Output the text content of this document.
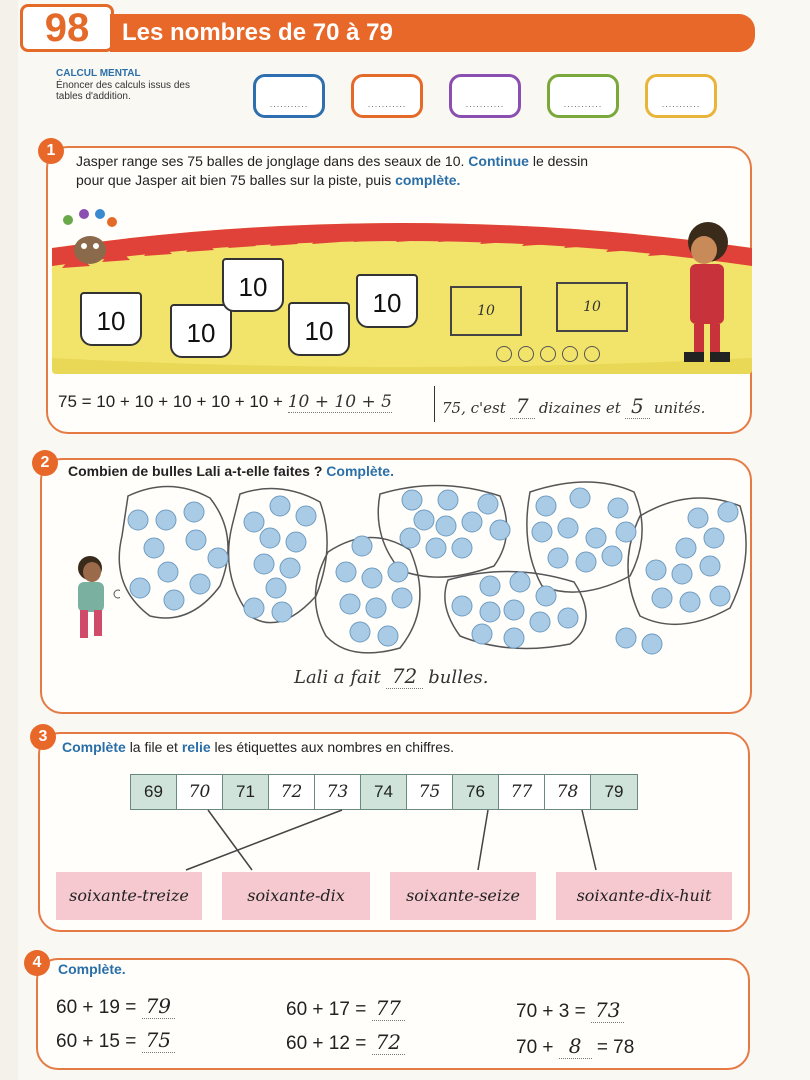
98	Les nombres de 70 à 79
CALCUL MENTAL
Énoncer des calculs issus des tables d'addition.
...........	...........	...........	...........	...........
1
Jasper range ses 75 balles de jonglage dans des seaux de 10. Continue le dessin
pour que Jasper ait bien 75 balles sur la piste, puis complète.
10	10
10
10
10	10	10
75 = 10 + 10 + 10 + 10 + 10 + 10 + 10 + 5	75, c'est 7 dizaines et 5 unités.
2	Combien de bulles Lali a-t-elle faites ? Complète.
Lali a fait 72 bulles.
3
Complète la file et relie les étiquettes aux nombres en chiffres.
69	70	71	72	73	74	75	76	77	78	79
soixante-treize	soixante-dix	soixante-seize	soixante-dix-huit
4	Complète.
60 + 19 = 79	60 + 17 = 77	70 + 3 = 73
60 + 15 = 75	60 + 12 = 72	70 + 8 = 78
